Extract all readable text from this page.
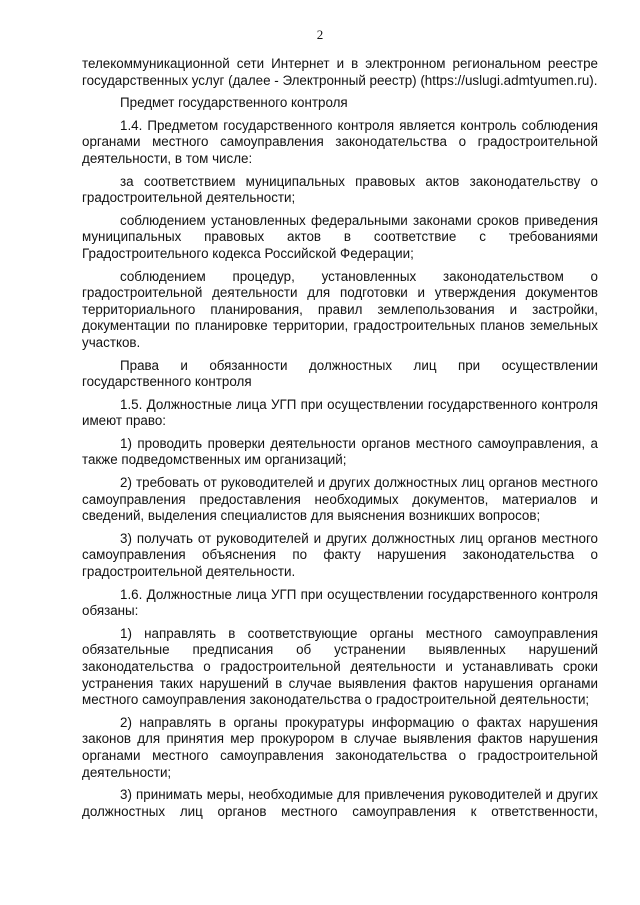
2

телекоммуникационной сети Интернет и в электронном региональном реестре государственных услуг (далее - Электронный реестр) (https://uslugi.admtyumen.ru).

Предмет государственного контроля

1.4. Предметом государственного контроля является контроль соблюдения органами местного самоуправления законодательства о градостроительной деятельности, в том числе:

за соответствием муниципальных правовых актов законодательству о градостроительной деятельности;

соблюдением установленных федеральными законами сроков приведения муниципальных правовых актов в соответствие с требованиями Градостроительного кодекса Российской Федерации;

соблюдением процедур, установленных законодательством о градостроительной деятельности для подготовки и утверждения документов территориального планирования, правил землепользования и застройки, документации по планировке территории, градостроительных планов земельных участков.

Права и обязанности должностных лиц при осуществлении государственного контроля

1.5. Должностные лица УГП при осуществлении государственного контроля имеют право:

1) проводить проверки деятельности органов местного самоуправления, а также подведомственных им организаций;

2) требовать от руководителей и других должностных лиц органов местного самоуправления предоставления необходимых документов, материалов и сведений, выделения специалистов для выяснения возникших вопросов;

3) получать от руководителей и других должностных лиц органов местного самоуправления объяснения по факту нарушения законодательства о градостроительной деятельности.

1.6. Должностные лица УГП при осуществлении государственного контроля обязаны:

1) направлять в соответствующие органы местного самоуправления обязательные предписания об устранении выявленных нарушений законодательства о градостроительной деятельности и устанавливать сроки устранения таких нарушений в случае выявления фактов нарушения органами местного самоуправления законодательства о градостроительной деятельности;

2) направлять в органы прокуратуры информацию о фактах нарушения законов для принятия мер прокурором в случае выявления фактов нарушения органами местного самоуправления законодательства о градостроительной деятельности;

3) принимать меры, необходимые для привлечения руководителей и других должностных лиц органов местного самоуправления к ответственности,
